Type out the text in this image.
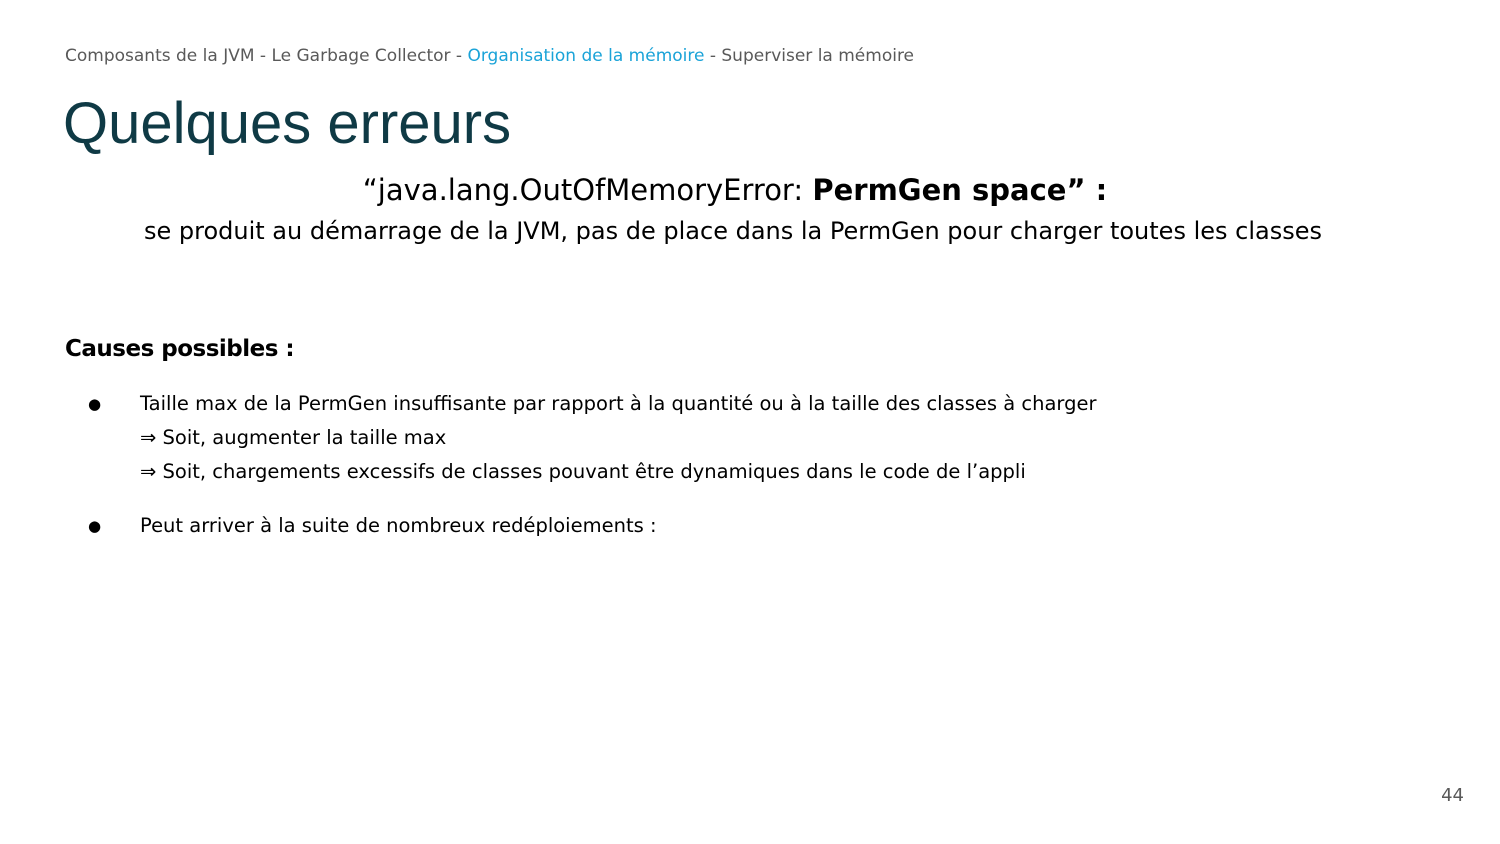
Composants de la JVM - Le Garbage Collector - Organisation de la mémoire - Superviser la mémoire
Quelques erreurs
“java.lang.OutOfMemoryError: PermGen space” :
se produit au démarrage de la JVM, pas de place dans la PermGen pour charger toutes les classes
Causes possibles :
● Taille max de la PermGen insuffisante par rapport à la quantité ou à la taille des classes à charger
⇒ Soit, augmenter la taille max
⇒ Soit, chargements excessifs de classes pouvant être dynamiques dans le code de l’appli
● Peut arriver à la suite de nombreux redéploiements :
44
